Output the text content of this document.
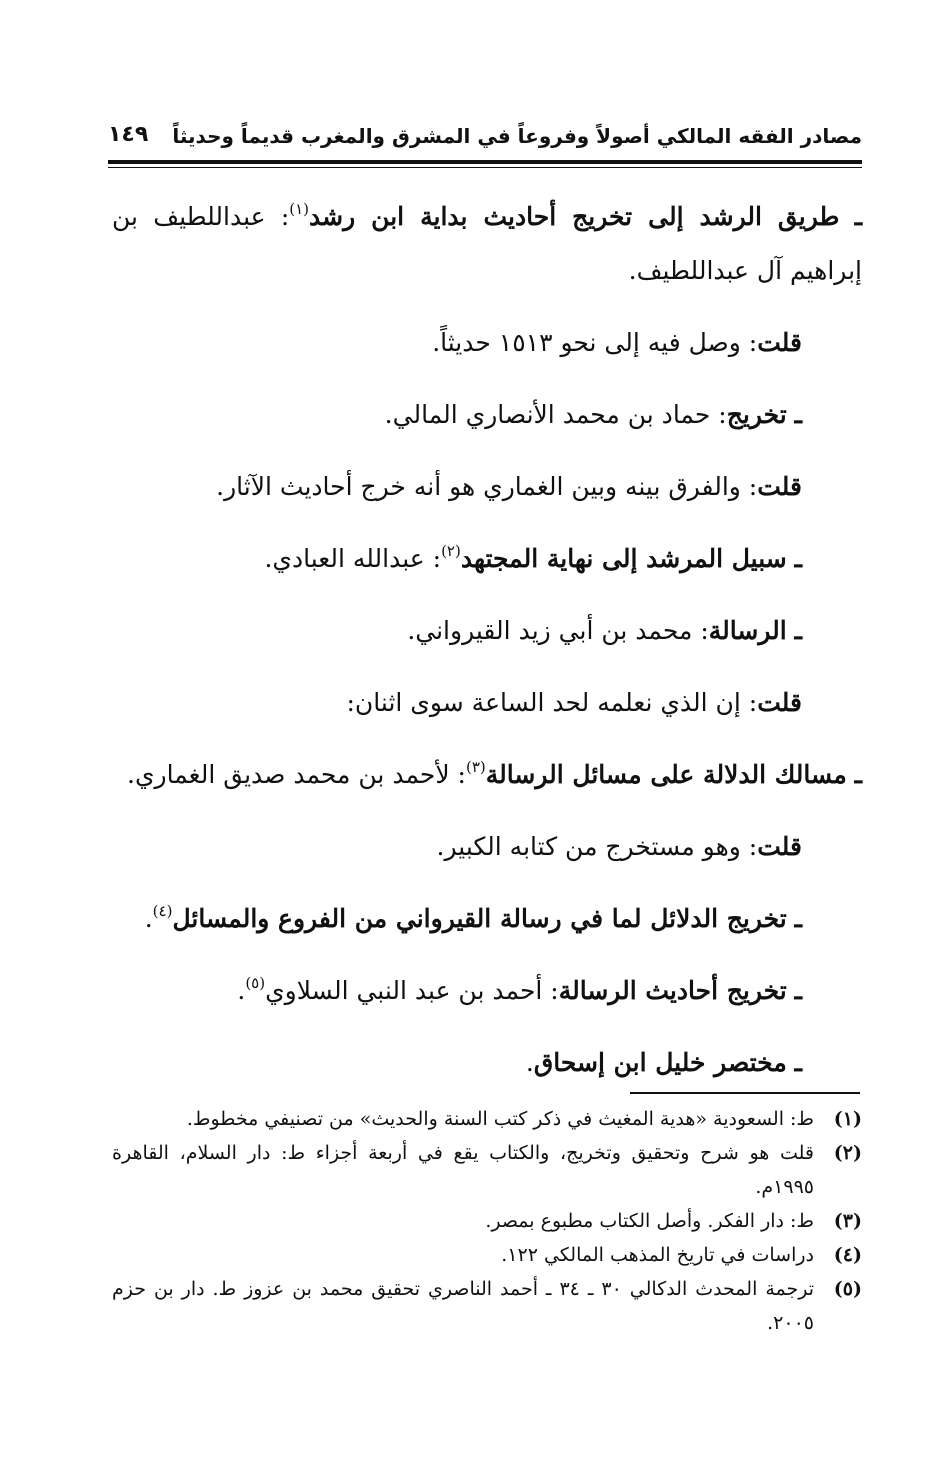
مصادر الفقه المالكي أصولاً وفروعاً في المشرق والمغرب قديماً وحديثاً
١٤٩

ـ طريق الرشد إلى تخريج أحاديث بداية ابن رشد$^{(١)}$: عبداللطيف بن إبراهيم آل عبداللطيف.

قلت: وصل فيه إلى نحو ١٥١٣ حديثاً.

ـ تخريج: حماد بن محمد الأنصاري المالي.

قلت: والفرق بينه وبين الغماري هو أنه خرج أحاديث الآثار.

ـ سبيل المرشد إلى نهاية المجتهد$^{(٢)}$: عبدالله العبادي.

ـ الرسالة: محمد بن أبي زيد القيرواني.

قلت: إن الذي نعلمه لحد الساعة سوى اثنان:

ـ مسالك الدلالة على مسائل الرسالة$^{(٣)}$: لأحمد بن محمد صديق الغماري.

قلت: وهو مستخرج من كتابه الكبير.

ـ تخريج الدلائل لما في رسالة القيرواني من الفروع والمسائل$^{(٤)}$.

ـ تخريج أحاديث الرسالة: أحمد بن عبد النبي السلاوي$^{(٥)}$.

ـ مختصر خليل ابن إسحاق.

(١)
ط: السعودية «هدية المغيث في ذكر كتب السنة والحديث» من تصنيفي مخطوط.
(٢)
قلت هو شرح وتحقيق وتخريج، والكتاب يقع في أربعة أجزاء ط: دار السلام، القاهرة ١٩٩٥م.
(٣)
ط: دار الفكر. وأصل الكتاب مطبوع بمصر.
(٤)
دراسات في تاريخ المذهب المالكي ١٢٢.
(٥)
ترجمة المحدث الدكالي ٣٠ ـ ٣٤ ـ أحمد الناصري تحقيق محمد بن عزوز ط. دار بن حزم ٢٠٠٥.
